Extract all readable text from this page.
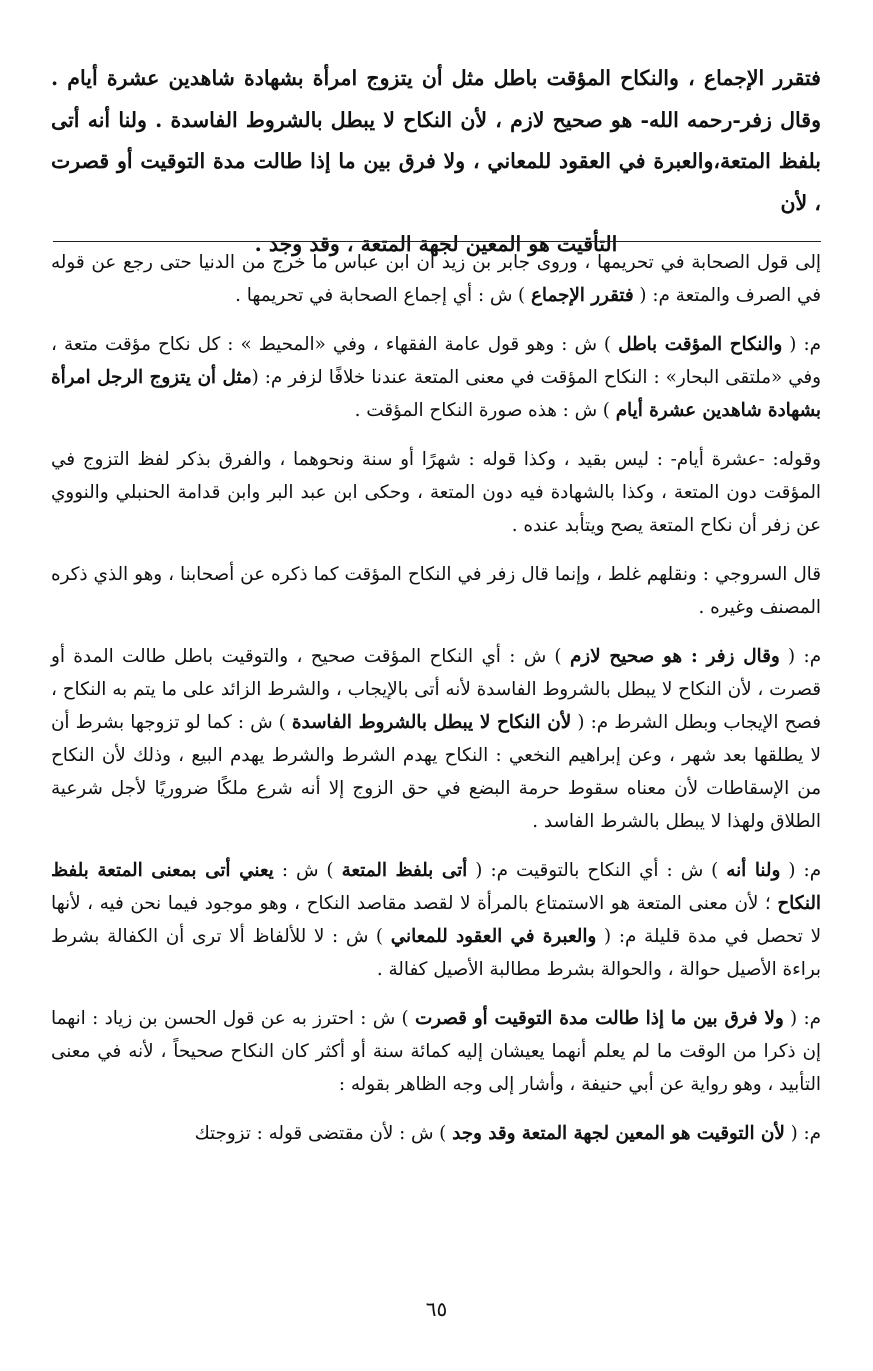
فتقرر الإجماع ، والنكاح المؤقت باطل مثل أن يتزوج امرأة بشهادة شاهدين عشرة أيام . وقال زفر-رحمه الله- هو صحيح لازم ، لأن النكاح لا يبطل بالشروط الفاسدة . ولنا أنه أتى بلفظ المتعة،والعبرة في العقود للمعاني ، ولا فرق بين ما إذا طالت مدة التوقيت أو قصرت ، لأن
التأقيت هو المعين لجهة المتعة ، وقد وجد .

إلى قول الصحابة في تحريمها ، وروى جابر بن زيد أن ابن عباس ما خرج من الدنيا حتى رجع عن قوله في الصرف والمتعة م: ( فتقرر الإجماع ) ش : أي إجماع الصحابة في تحريمها .

م: ( والنكاح المؤقت باطل ) ش : وهو قول عامة الفقهاء ، وفي «المحيط » : كل نكاح مؤقت متعة ، وفي «ملتقى البحار» : النكاح المؤقت في معنى المتعة عندنا خلافًا لزفر م: (مثل أن يتزوج الرجل امرأة بشهادة شاهدين عشرة أيام ) ش : هذه صورة النكاح المؤقت .

وقوله: -عشرة أيام- : ليس بقيد ، وكذا قوله : شهرًا أو سنة ونحوهما ، والفرق بذكر لفظ التزوج في المؤقت دون المتعة ، وكذا بالشهادة فيه دون المتعة ، وحكى ابن عبد البر وابن قدامة الحنبلي والنووي عن زفر أن نكاح المتعة يصح ويتأبد عنده .

قال السروجي : ونقلهم غلط ، وإنما قال زفر في النكاح المؤقت كما ذكره عن أصحابنا ، وهو الذي ذكره المصنف وغيره .

م: ( وقال زفر : هو صحيح لازم ) ش : أي النكاح المؤقت صحيح ، والتوقيت باطل طالت المدة أو قصرت ، لأن النكاح لا يبطل بالشروط الفاسدة لأنه أتى بالإيجاب ، والشرط الزائد على ما يتم به النكاح ، فصح الإيجاب وبطل الشرط م: ( لأن النكاح لا يبطل بالشروط الفاسدة ) ش : كما لو تزوجها بشرط أن لا يطلقها بعد شهر ، وعن إبراهيم النخعي : النكاح يهدم الشرط والشرط يهدم البيع ، وذلك لأن النكاح من الإسقاطات لأن معناه سقوط حرمة البضع في حق الزوج إلا أنه شرع ملكًا ضروريًا لأجل شرعية الطلاق ولهذا لا يبطل بالشرط الفاسد .

م: ( ولنا أنه ) ش : أي النكاح بالتوقيت م: ( أتى بلفظ المتعة ) ش : يعني أتى بمعنى المتعة بلفظ النكاح ؛ لأن معنى المتعة هو الاستمتاع بالمرأة لا لقصد مقاصد النكاح ، وهو موجود فيما نحن فيه ، لأنها لا تحصل في مدة قليلة م: ( والعبرة في العقود للمعاني ) ش : لا للألفاظ ألا ترى أن الكفالة بشرط براءة الأصيل حوالة ، والحوالة بشرط مطالبة الأصيل كفالة .

م: ( ولا فرق بين ما إذا طالت مدة التوقيت أو قصرت ) ش : احترز به عن قول الحسن بن زياد : انهما إن ذكرا من الوقت ما لم يعلم أنهما يعيشان إليه كمائة سنة أو أكثر كان النكاح صحيحاً ، لأنه في معنى التأبيد ، وهو رواية عن أبي حنيفة ، وأشار إلى وجه الظاهر بقوله :

م: ( لأن التوقيت هو المعين لجهة المتعة وقد وجد ) ش : لأن مقتضى قوله : تزوجتك

٦٥
